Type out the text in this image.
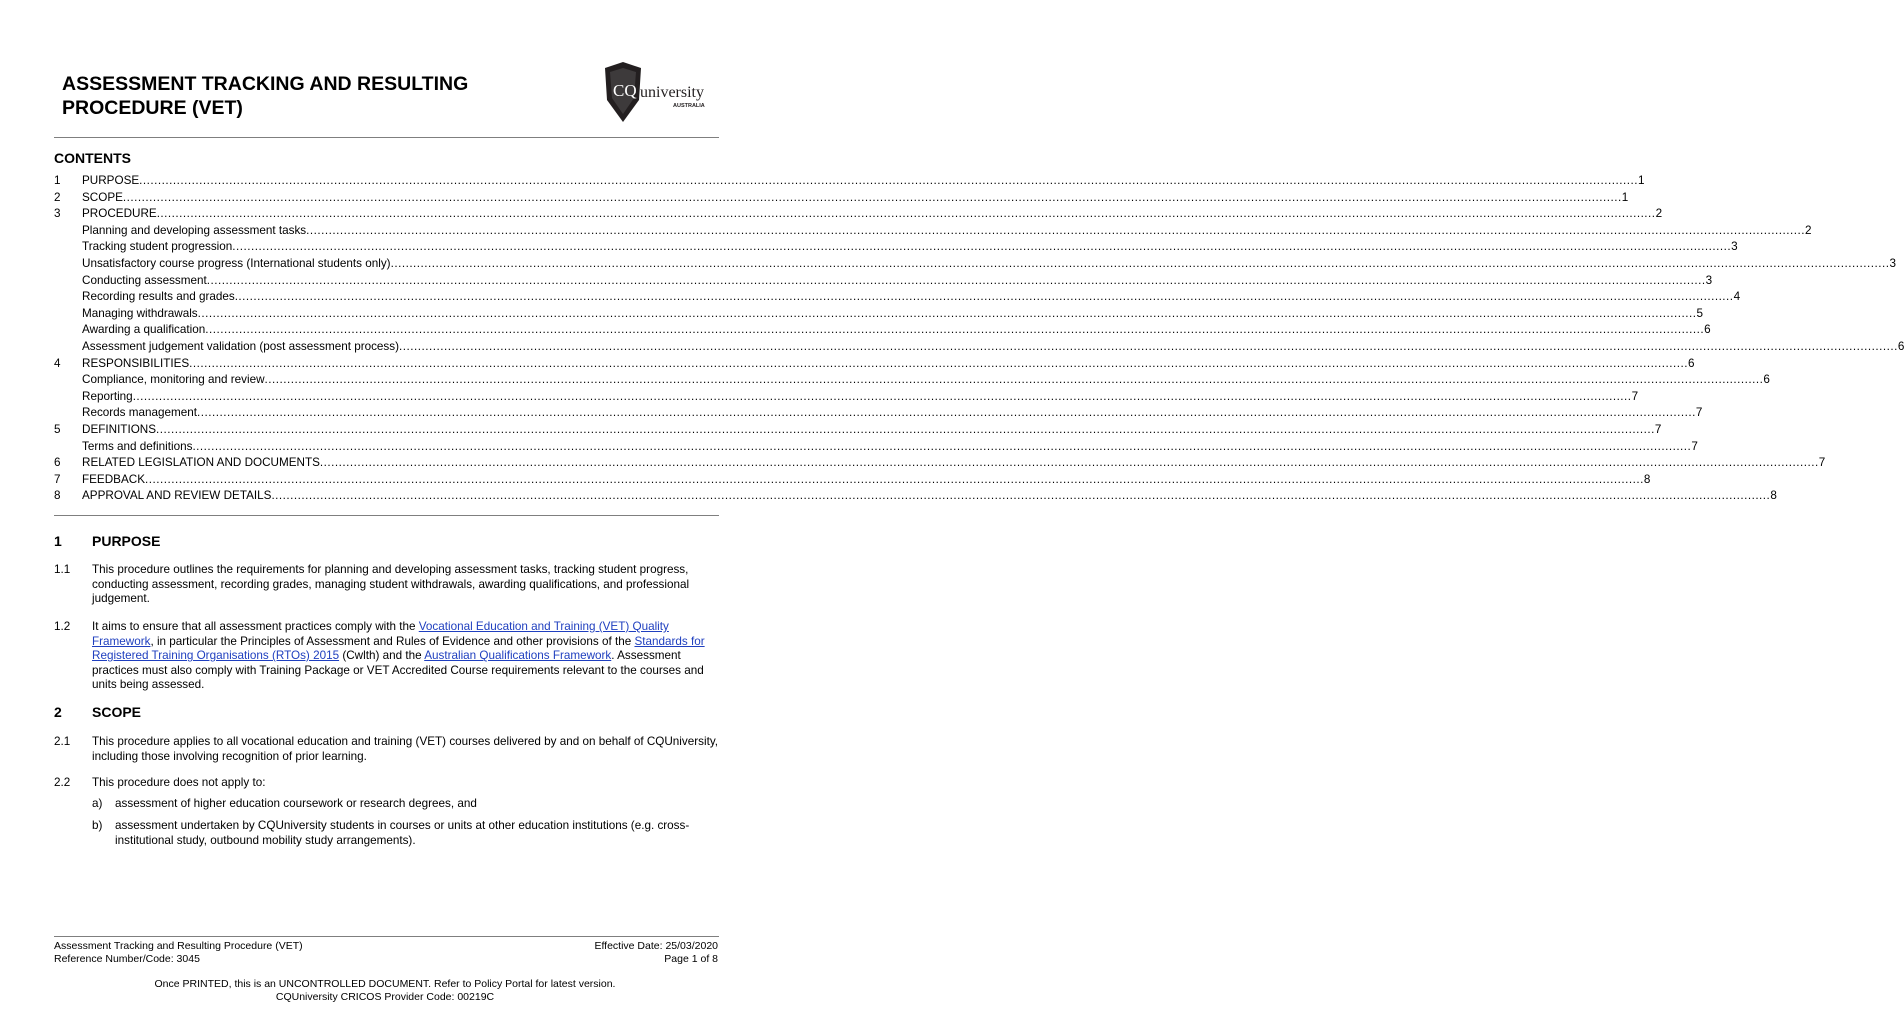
ASSESSMENT TRACKING AND RESULTING
PROCEDURE (VET)
CQ university
AUSTRALIA
CONTENTS
1	PURPOSE ................................................................................................................................................................................................................................................................................................................................................................................................................ 1
2	SCOPE ................................................................................................................................................................................................................................................................................................................................................................................................................ 1
3	PROCEDURE ................................................................................................................................................................................................................................................................................................................................................................................................................ 2
Planning and developing assessment tasks ................................................................................................................................................................................................................................................................................................................................................................................................................ 2
Tracking student progression ................................................................................................................................................................................................................................................................................................................................................................................................................ 3
Unsatisfactory course progress (International students only) ................................................................................................................................................................................................................................................................................................................................................................................................................ 3
Conducting assessment ................................................................................................................................................................................................................................................................................................................................................................................................................ 3
Recording results and grades ................................................................................................................................................................................................................................................................................................................................................................................................................ 4
Managing withdrawals ................................................................................................................................................................................................................................................................................................................................................................................................................ 5
Awarding a qualification ................................................................................................................................................................................................................................................................................................................................................................................................................ 6
Assessment judgement validation (post assessment process) ................................................................................................................................................................................................................................................................................................................................................................................................................ 6
4	RESPONSIBILITIES ................................................................................................................................................................................................................................................................................................................................................................................................................ 6
Compliance, monitoring and review ................................................................................................................................................................................................................................................................................................................................................................................................................ 6
Reporting ................................................................................................................................................................................................................................................................................................................................................................................................................ 7
Records management ................................................................................................................................................................................................................................................................................................................................................................................................................ 7
5	DEFINITIONS ................................................................................................................................................................................................................................................................................................................................................................................................................ 7
Terms and definitions ................................................................................................................................................................................................................................................................................................................................................................................................................ 7
6	RELATED LEGISLATION AND DOCUMENTS ................................................................................................................................................................................................................................................................................................................................................................................................................ 7
7	FEEDBACK ................................................................................................................................................................................................................................................................................................................................................................................................................ 8
8	APPROVAL AND REVIEW DETAILS ................................................................................................................................................................................................................................................................................................................................................................................................................ 8
1	PURPOSE
1.1	This procedure outlines the requirements for planning and developing assessment tasks, tracking student progress, conducting assessment, recording grades, managing student withdrawals, awarding qualifications, and professional judgement.
1.2	It aims to ensure that all assessment practices comply with the Vocational Education and Training (VET) Quality Framework, in particular the Principles of Assessment and Rules of Evidence and other provisions of the Standards for Registered Training Organisations (RTOs) 2015 (Cwlth) and the Australian Qualifications Framework. Assessment practices must also comply with Training Package or VET Accredited Course requirements relevant to the courses and units being assessed.
2	SCOPE
2.1	This procedure applies to all vocational education and training (VET) courses delivered by and on behalf of CQUniversity, including those involving recognition of prior learning.
2.2	This procedure does not apply to:
a)	assessment of higher education coursework or research degrees, and
b)	assessment undertaken by CQUniversity students in courses or units at other education institutions (e.g. cross-institutional study, outbound mobility study arrangements).
Assessment Tracking and Resulting Procedure (VET)
Reference Number/Code: 3045
Effective Date: 25/03/2020
Page 1 of 8
Once PRINTED, this is an UNCONTROLLED DOCUMENT. Refer to Policy Portal for latest version.
CQUniversity CRICOS Provider Code: 00219C
